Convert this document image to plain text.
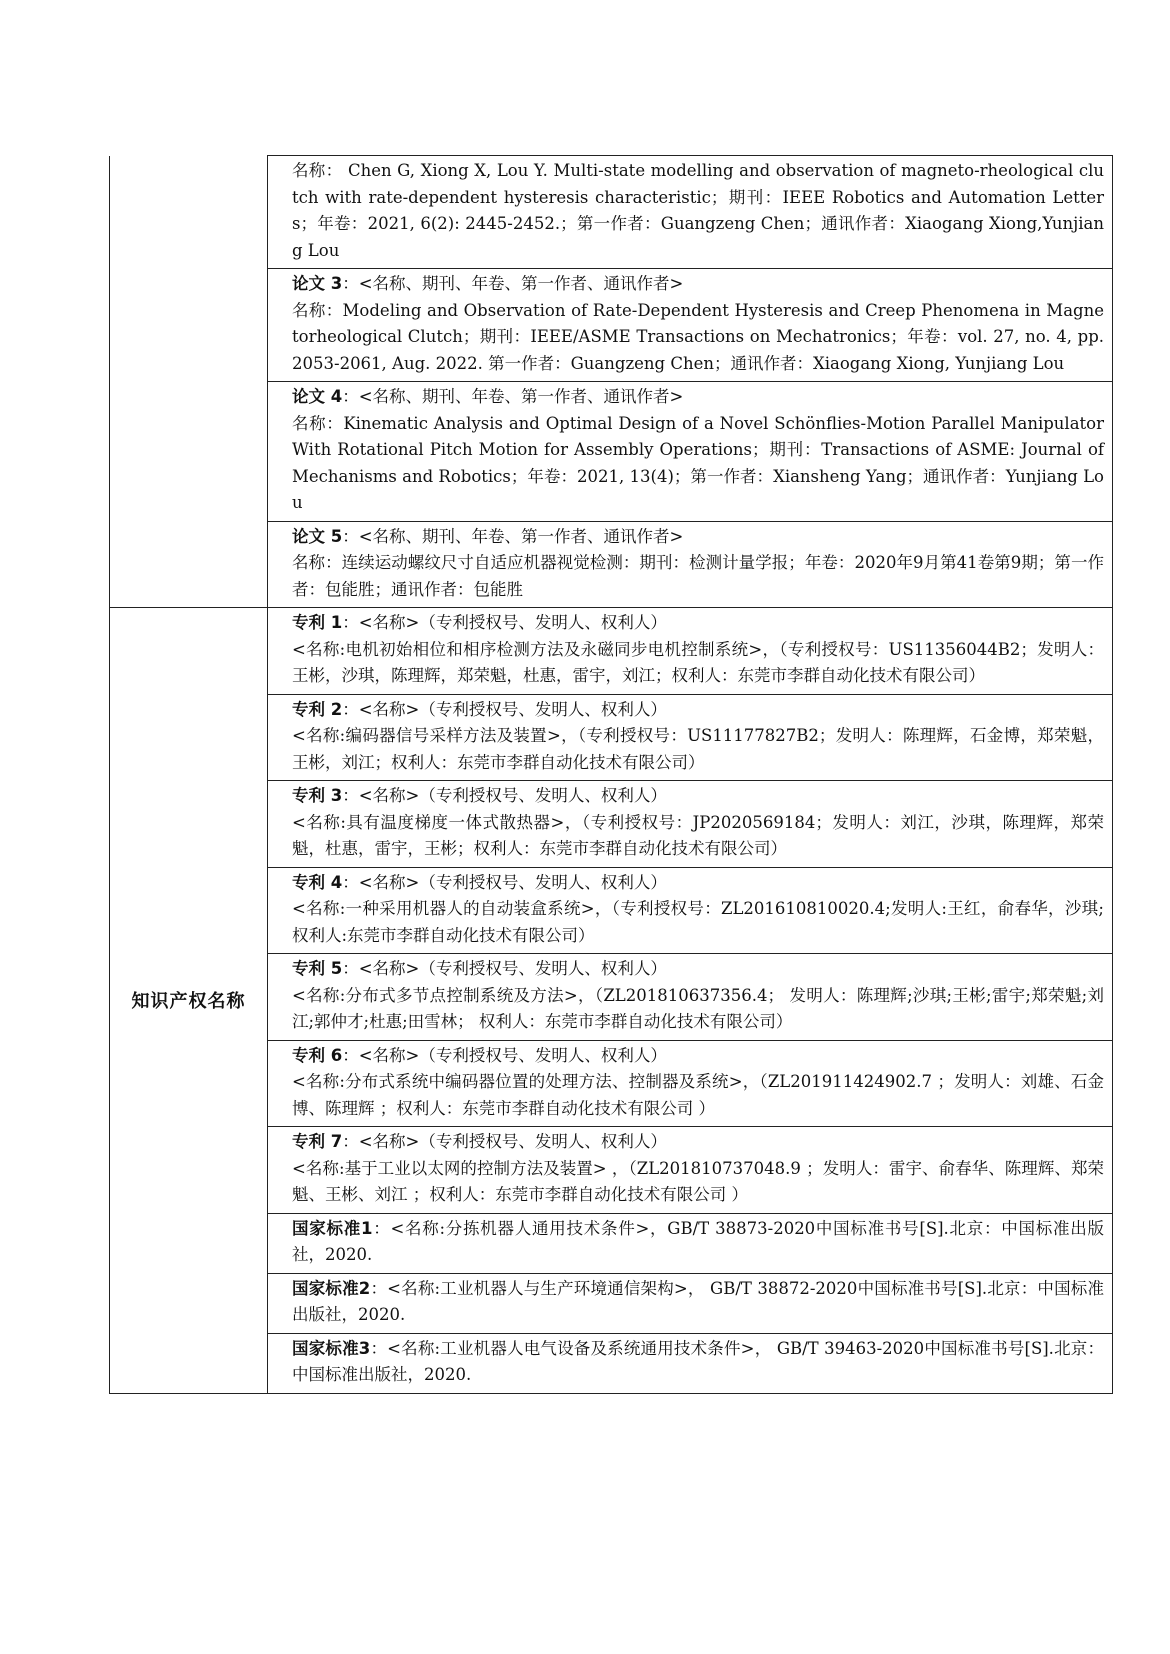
	名称： Chen G, Xiong X, Lou Y. Multi-state modelling and observation of magneto-rheological clutch with rate-dependent hysteresis characteristic；期刊：IEEE Robotics and Automation Letters；年卷：2021, 6(2): 2445-2452.；第一作者：Guangzeng Chen；通讯作者：Xiaogang Xiong,Yunjiang Lou

	论文 3：<名称、期刊、年卷、第一作者、通讯作者>
名称：Modeling and Observation of Rate-Dependent Hysteresis and Creep Phenomena in Magnetorheological Clutch；期刊：IEEE/ASME Transactions on Mechatronics；年卷：vol. 27, no. 4, pp. 2053-2061, Aug. 2022. 第一作者：Guangzeng Chen；通讯作者：Xiaogang Xiong, Yunjiang Lou

	论文 4：<名称、期刊、年卷、第一作者、通讯作者>
名称：Kinematic Analysis and Optimal Design of a Novel Schönflies-Motion Parallel Manipulator With Rotational Pitch Motion for Assembly Operations；期刊：Transactions of ASME: Journal of Mechanisms and Robotics；年卷：2021, 13(4)；第一作者：Xiansheng Yang；通讯作者：Yunjiang Lou

	论文 5：<名称、期刊、年卷、第一作者、通讯作者>
名称：连续运动螺纹尺寸自适应机器视觉检测：期刊：检测计量学报；年卷：2020年9月第41卷第9期；第一作者：包能胜；通讯作者：包能胜

知识产权名称	专利 1：<名称>（专利授权号、发明人、权利人）
<名称:电机初始相位和相序检测方法及永磁同步电机控制系统>，（专利授权号：US11356044B2；发明人：王彬，沙琪，陈理辉，郑荣魁，杜惠，雷宇，刘江；权利人：东莞市李群自动化技术有限公司）

	专利 2：<名称>（专利授权号、发明人、权利人）
<名称:编码器信号采样方法及装置>，（专利授权号：US11177827B2；发明人：陈理辉，石金博，郑荣魁，王彬，刘江；权利人：东莞市李群自动化技术有限公司）

	专利 3：<名称>（专利授权号、发明人、权利人）
<名称:具有温度梯度一体式散热器>，（专利授权号：JP2020569184；发明人：刘江，沙琪，陈理辉，郑荣魁，杜惠，雷宇，王彬；权利人：东莞市李群自动化技术有限公司）

	专利 4：<名称>（专利授权号、发明人、权利人）
<名称:一种采用机器人的自动装盒系统>，（专利授权号：ZL201610810020.4;发明人:王红，俞春华，沙琪;权利人:东莞市李群自动化技术有限公司）

	专利 5：<名称>（专利授权号、发明人、权利人）
<名称:分布式多节点控制系统及方法>，（ZL201810637356.4； 发明人：陈理辉;沙琪;王彬;雷宇;郑荣魁;刘江;郭仲才;杜惠;田雪林； 权利人：东莞市李群自动化技术有限公司）

	专利 6：<名称>（专利授权号、发明人、权利人）
<名称:分布式系统中编码器位置的处理方法、控制器及系统>，（ZL201911424902.7 ；发明人：刘雄、石金博、陈理辉 ；权利人：东莞市李群自动化技术有限公司 ）

	专利 7：<名称>（专利授权号、发明人、权利人）
<名称:基于工业以太网的控制方法及装置> ，（ZL201810737048.9 ；发明人：雷宇、俞春华、陈理辉、郑荣魁、王彬、刘江 ；权利人：东莞市李群自动化技术有限公司 ）

	国家标准1：<名称:分拣机器人通用技术条件>，GB/T 38873-2020中国标准书号[S].北京：中国标准出版社，2020.

	国家标准2：<名称:工业机器人与生产环境通信架构>， GB/T 38872-2020中国标准书号[S].北京：中国标准出版社，2020.

	国家标准3：<名称:工业机器人电气设备及系统通用技术条件>， GB/T 39463-2020中国标准书号[S].北京：中国标准出版社，2020.
